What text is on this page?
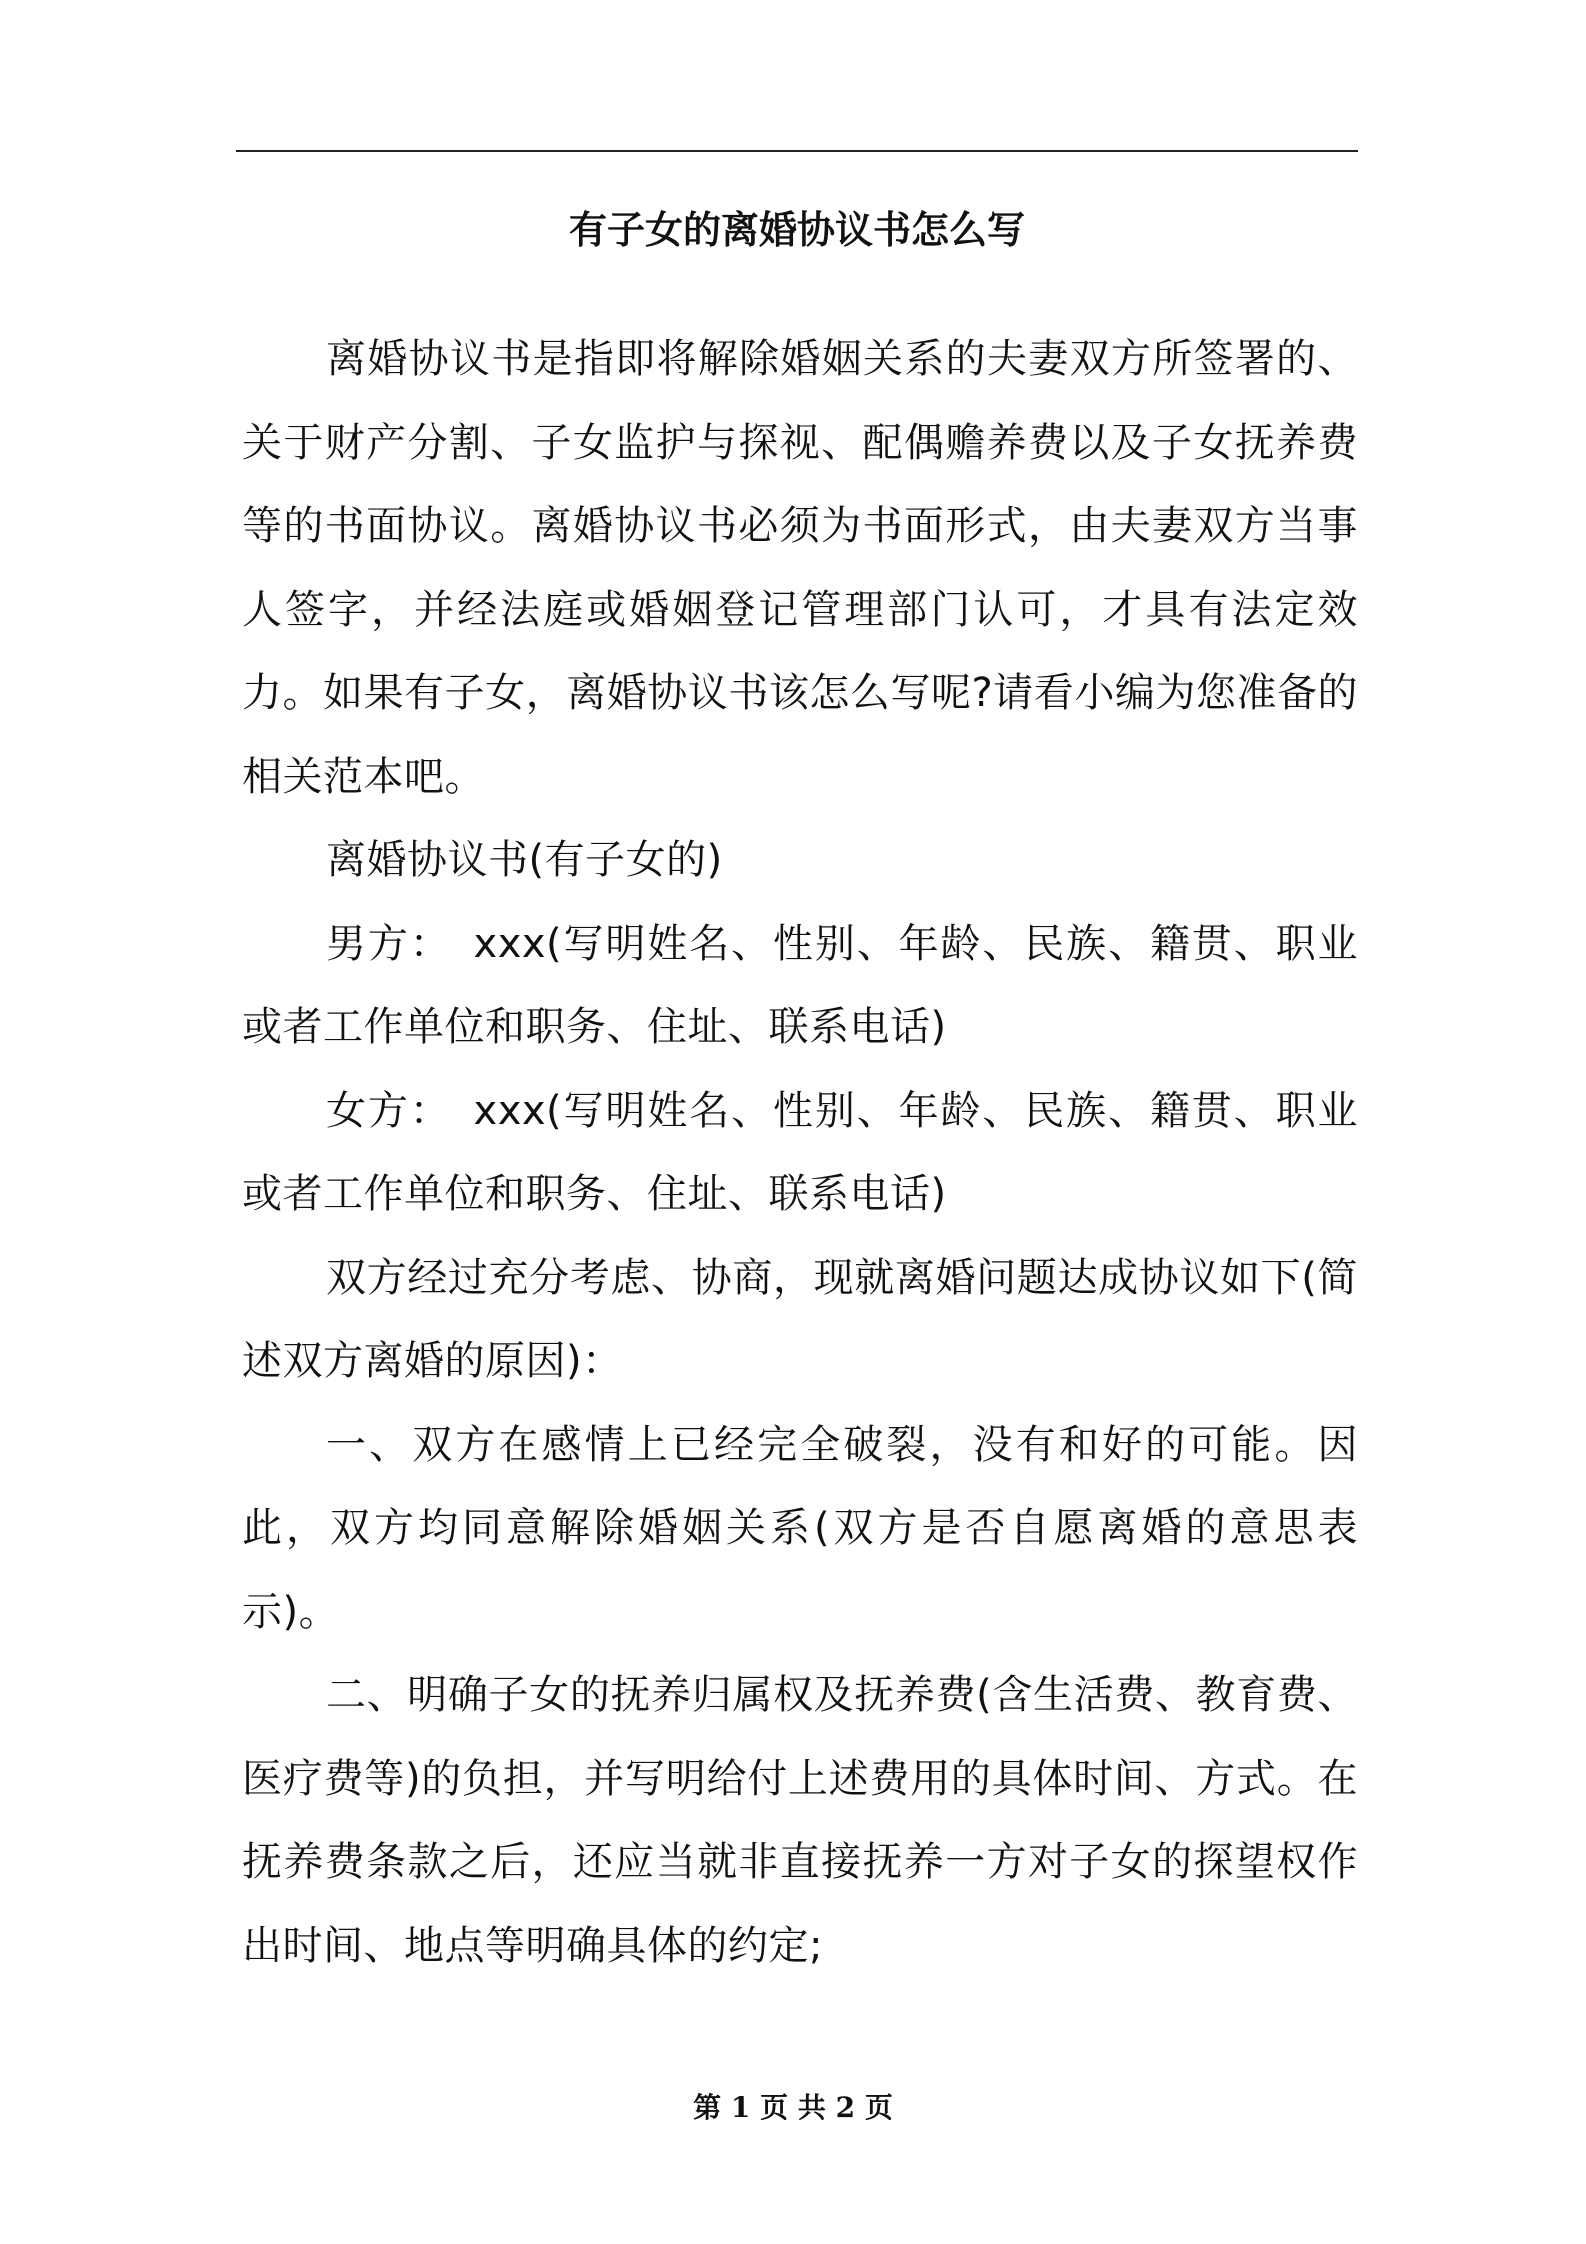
有子女的离婚协议书怎么写

离婚协议书是指即将解除婚姻关系的夫妻双方所签署的、关于财产分割、子女监护与探视、配偶赡养费以及子女抚养费等的书面协议。离婚协议书必须为书面形式，由夫妻双方当事人签字，并经法庭或婚姻登记管理部门认可，才具有法定效力。如果有子女，离婚协议书该怎么写呢?请看小编为您准备的相关范本吧。

离婚协议书(有子女的)

男方：　xxx(写明姓名、性别、年龄、民族、籍贯、职业或者工作单位和职务、住址、联系电话)

女方：　xxx(写明姓名、性别、年龄、民族、籍贯、职业或者工作单位和职务、住址、联系电话)

双方经过充分考虑、协商，现就离婚问题达成协议如下(简述双方离婚的原因)：

一、双方在感情上已经完全破裂，没有和好的可能。因此，双方均同意解除婚姻关系(双方是否自愿离婚的意思表示)。

二、明确子女的抚养归属权及抚养费(含生活费、教育费、医疗费等)的负担，并写明给付上述费用的具体时间、方式。在抚养费条款之后，还应当就非直接抚养一方对子女的探望权作出时间、地点等明确具体的约定;

第 1 页 共 2 页
